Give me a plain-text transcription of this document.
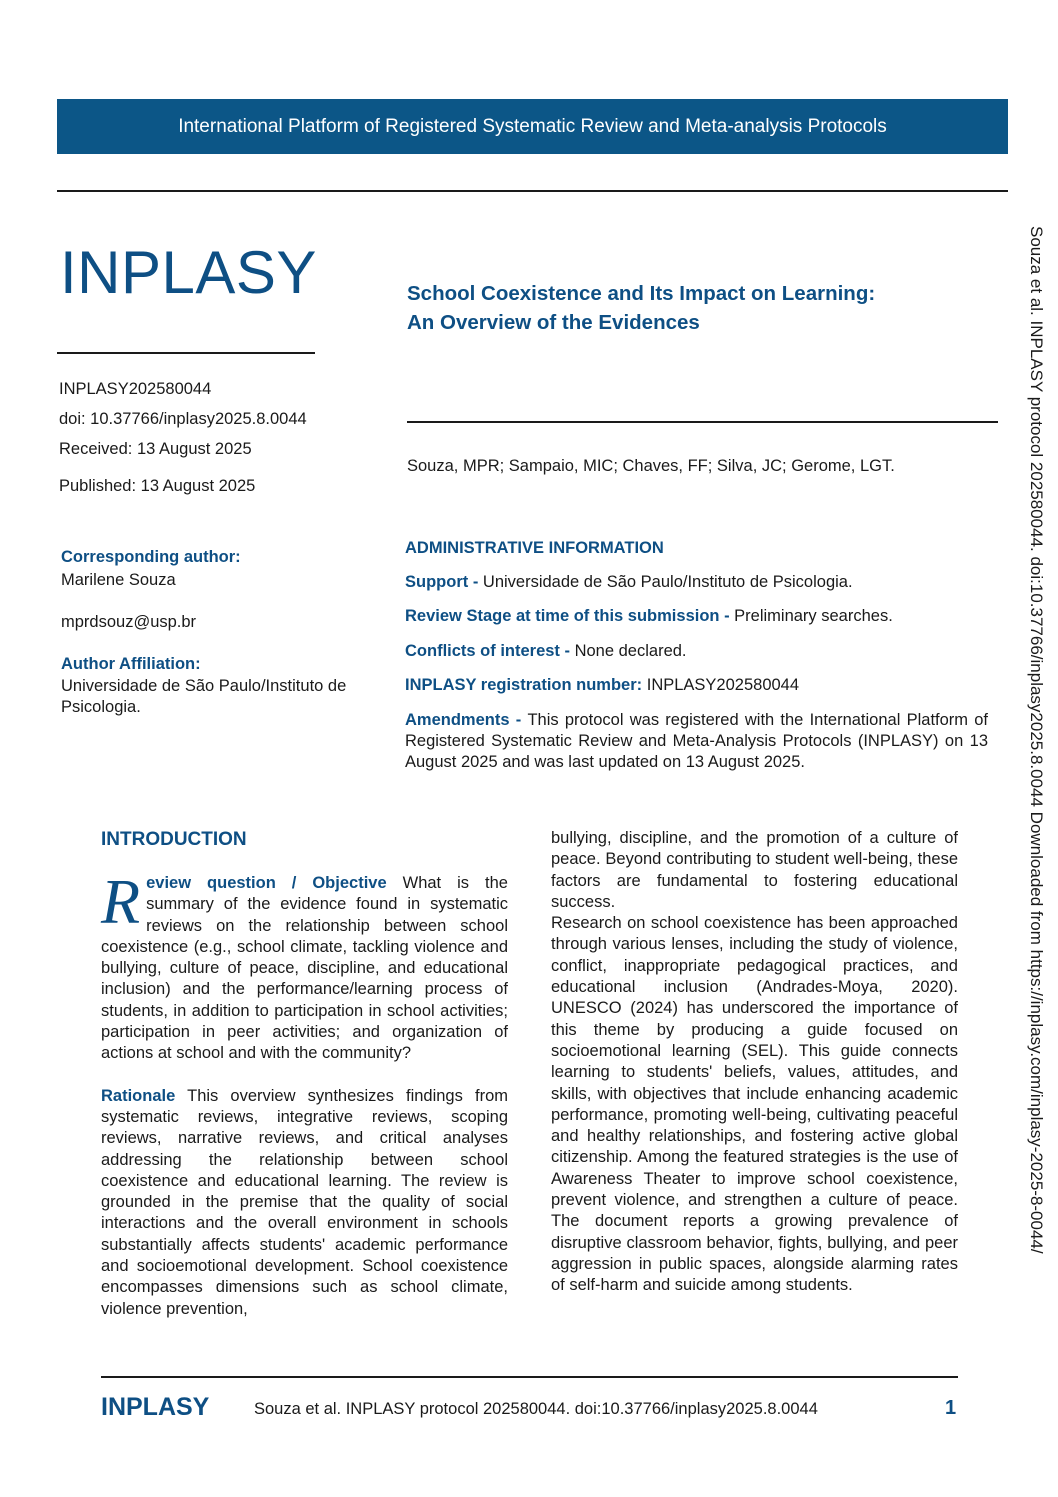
International Platform of Registered Systematic Review and Meta-analysis Protocols
INPLASY	School Coexistence and Its Impact on Learning:
An Overview of the Evidences
INPLASY202580044
doi: 10.37766/inplasy2025.8.0044
Received: 13 August 2025
Published: 13 August 2025
Souza, MPR; Sampaio, MIC; Chaves, FF; Silva, JC; Gerome, LGT.
Corresponding author:
Marilene Souza
mprdsouz@usp.br
Author Affiliation:
Universidade de São Paulo/Instituto de Psicologia.
ADMINISTRATIVE INFORMATION
Support - Universidade de São Paulo/Instituto de Psicologia.
Review Stage at time of this submission - Preliminary searches.
Conflicts of interest - None declared.
INPLASY registration number: INPLASY202580044
Amendments - This protocol was registered with the International Platform of Registered Systematic Review and Meta-Analysis Protocols (INPLASY) on 13 August 2025 and was last updated on 13 August 2025.
INTRODUCTION

Review question / Objective What is the summary of the evidence found in systematic reviews on the relationship between school coexistence (e.g., school climate, tackling violence and bullying, culture of peace, discipline, and educational inclusion) and the performance/learning process of students, in addition to participation in school activities; participation in peer activities; and organization of actions at school and with the community?

Rationale This overview synthesizes findings from systematic reviews, integrative reviews, scoping reviews, narrative reviews, and critical analyses addressing the relationship between school coexistence and educational learning. The review is grounded in the premise that the quality of social interactions and the overall environment in schools substantially affects students' academic performance and socioemotional development. School coexistence encompasses dimensions such as school climate, violence prevention,

bullying, discipline, and the promotion of a culture of peace. Beyond contributing to student well-being, these factors are fundamental to fostering educational success.

Research on school coexistence has been approached through various lenses, including the study of violence, conflict, inappropriate pedagogical practices, and educational inclusion (Andrades-Moya, 2020). UNESCO (2024) has underscored the importance of this theme by producing a guide focused on socioemotional learning (SEL). This guide connects learning to students' beliefs, values, attitudes, and skills, with objectives that include enhancing academic performance, promoting well-being, cultivating peaceful and healthy relationships, and fostering active global citizenship. Among the featured strategies is the use of Awareness Theater to improve school coexistence, prevent violence, and strengthen a culture of peace. The document reports a growing prevalence of disruptive classroom behavior, fights, bullying, and peer aggression in public spaces, alongside alarming rates of self-harm and suicide among students.

Souza et al. INPLASY protocol 202580044. doi:10.37766/inplasy2025.8.0044 Downloaded from https://inplasy.com/inplasy-2025-8-0044/
INPLASY	Souza et al. INPLASY protocol 202580044. doi:10.37766/inplasy2025.8.0044	1
